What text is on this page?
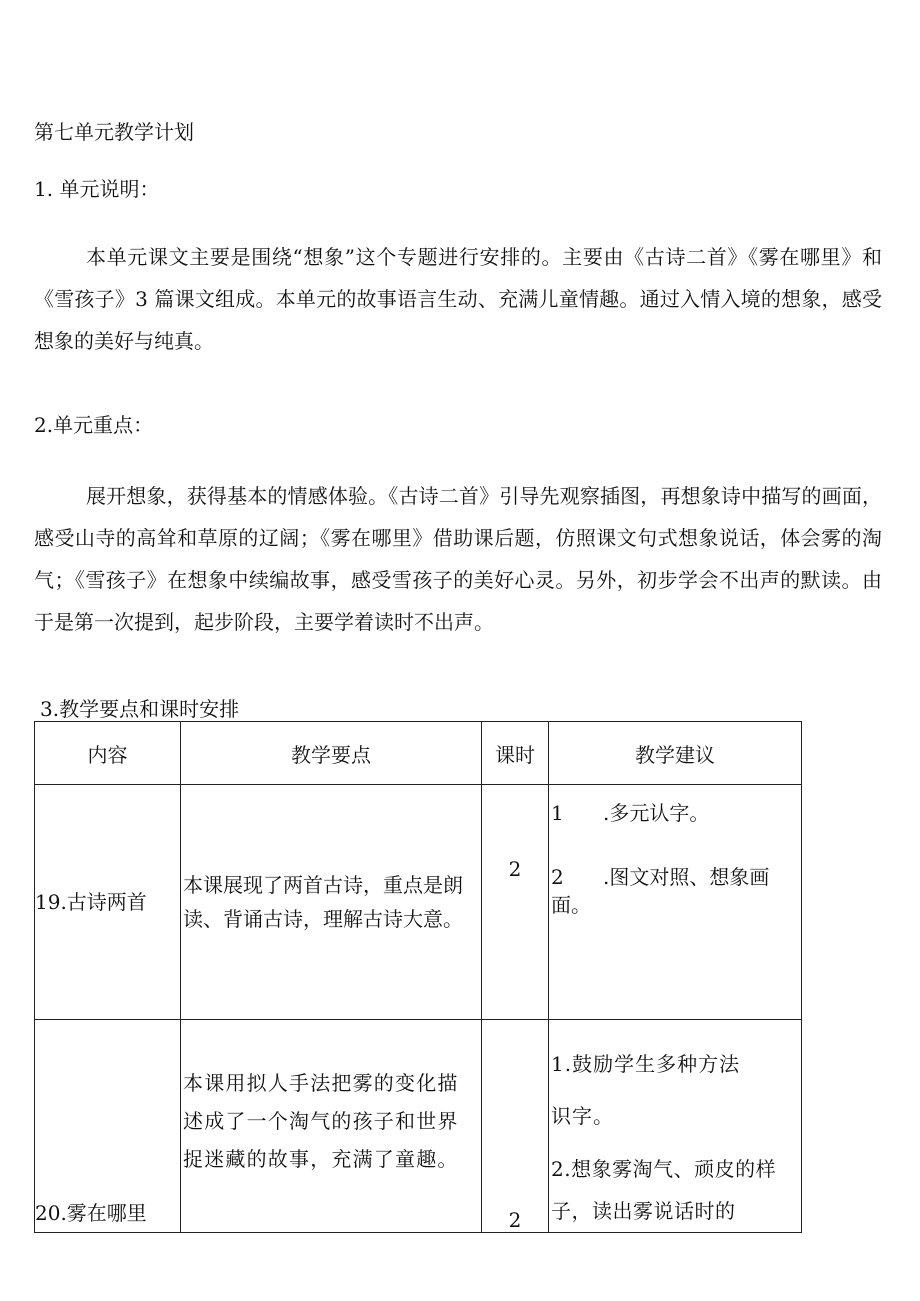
第七单元教学计划

1. 单元说明：

本单元课文主要是围绕“想象”这个专题进行安排的。主要由《古诗二首》《雾在哪里》和《雪孩子》3 篇课文组成。本单元的故事语言生动、充满儿童情趣。通过入情入境的想象，感受想象的美好与纯真。

2.单元重点：

展开想象，获得基本的情感体验。《古诗二首》引导先观察插图，再想象诗中描写的画面，感受山寺的高耸和草原的辽阔；《雾在哪里》借助课后题，仿照课文句式想象说话，体会雾的淘气；《雪孩子》在想象中续编故事，感受雪孩子的美好心灵。另外，初步学会不出声的默读。由于是第一次提到，起步阶段，主要学着读时不出声。

3.教学要点和课时安排

内容	教学要点	课时	教学建议

19.古诗两首	本课展现了两首古诗，重点是朗读、背诵古诗，理解古诗大意。	2	1 .多元认字。
2 .图文对照、想象画面。

20.雾在哪里	本课用拟人手法把雾的变化描述成了一个淘气的孩子和世界捉迷藏的故事，充满了童趣。	2	1.鼓励学生多种方法识字。
2.想象雾淘气、顽皮的样子，读出雾说话时的
